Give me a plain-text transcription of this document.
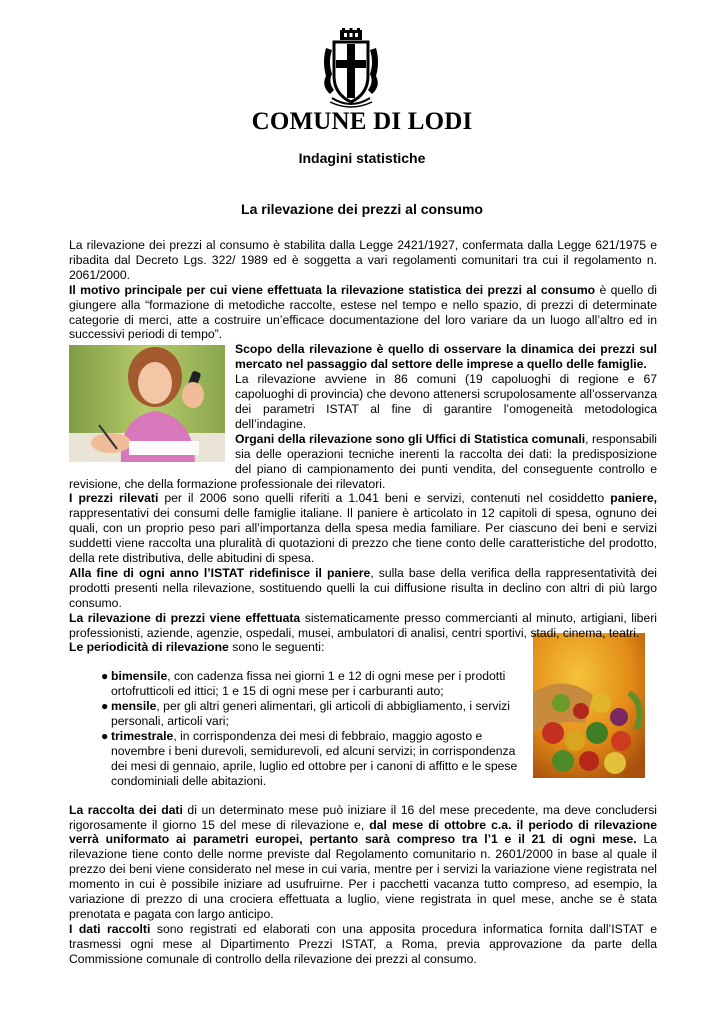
COMUNE DI LODI
Indagini statistiche
La rilevazione dei prezzi al consumo

La rilevazione dei prezzi al consumo è stabilita dalla Legge 2421/1927, confermata dalla Legge 621/1975 e ribadita dal Decreto Lgs. 322/ 1989 ed è soggetta a vari regolamenti comunitari tra cui il regolamento n. 2061/2000.

Il motivo principale per cui viene effettuata la rilevazione statistica dei prezzi al consumo è quello di giungere alla “formazione di metodiche raccolte, estese nel tempo e nello spazio, di prezzi di determinate categorie di merci, atte a costruire un’efficace documentazione del loro variare da un luogo all’altro ed in successivi periodi di tempo”.

Scopo della rilevazione è quello di osservare la dinamica dei prezzi sul mercato nel passaggio dal settore delle imprese a quello delle famiglie.

La rilevazione avviene in 86 comuni (19 capoluoghi di regione e 67 capoluoghi di provincia) che devono attenersi scrupolosamente all’osservanza dei parametri ISTAT al fine di garantire l’omogeneità metodologica dell’indagine.

Organi della rilevazione sono gli Uffici di Statistica comunali, responsabili sia delle operazioni tecniche inerenti la raccolta dei dati: la predisposizione del piano di campionamento dei punti vendita, del conseguente controllo e revisione, che della formazione professionale dei rilevatori.

I prezzi rilevati per il 2006 sono quelli riferiti a 1.041 beni e servizi, contenuti nel cosiddetto paniere, rappresentativi dei consumi delle famiglie italiane. Il paniere è articolato in 12 capitoli di spesa, ognuno dei quali, con un proprio peso pari all’importanza della spesa media familiare. Per ciascuno dei beni e servizi suddetti viene raccolta una pluralità di quotazioni di prezzo che tiene conto delle caratteristiche del prodotto, della rete distributiva, delle abitudini di spesa.

Alla fine di ogni anno l’ISTAT ridefinisce il paniere, sulla base della verifica della rappresentatività dei prodotti presenti nella rilevazione, sostituendo quelli la cui diffusione risulta in declino con altri di più largo consumo.

La rilevazione di prezzi viene effettuata sistematicamente presso commercianti al minuto, artigiani, liberi professionisti, aziende, agenzie, ospedali, musei, ambulatori di analisi, centri sportivi, stadi, cinema, teatri.

Le periodicità di rilevazione sono le seguenti:

● bimensile, con cadenza fissa nei giorni 1 e 12 di ogni mese per i prodotti ortofrutticoli ed ittici; 1 e 15 di ogni mese per i carburanti auto;
● mensile, per gli altri generi alimentari, gli articoli di abbigliamento, i servizi personali, articoli vari;
● trimestrale, in corrispondenza dei mesi di febbraio, maggio agosto e novembre i beni durevoli, semidurevoli, ed alcuni servizi; in corrispondenza dei mesi di gennaio, aprile, luglio ed ottobre per i canoni di affitto e le spese condominiali delle abitazioni.

La raccolta dei dati di un determinato mese può iniziare il 16 del mese precedente, ma deve concludersi rigorosamente il giorno 15 del mese di rilevazione e, dal mese di ottobre c.a. il periodo di rilevazione verrà uniformato ai parametri europei, pertanto sarà compreso tra l’1 e il 21 di ogni mese. La rilevazione tiene conto delle norme previste dal Regolamento comunitario n. 2601/2000 in base al quale il prezzo dei beni viene considerato nel mese in cui varia, mentre per i servizi la variazione viene registrata nel momento in cui è possibile iniziare ad usufruirne. Per i pacchetti vacanza tutto compreso, ad esempio, la variazione di prezzo di una crociera effettuata a luglio, viene registrata in quel mese, anche se è stata prenotata e pagata con largo anticipo.

I dati raccolti sono registrati ed elaborati con una apposita procedura informatica fornita dall’ISTAT e trasmessi ogni mese al Dipartimento Prezzi ISTAT, a Roma, previa approvazione da parte della Commissione comunale di controllo della rilevazione dei prezzi al consumo.
